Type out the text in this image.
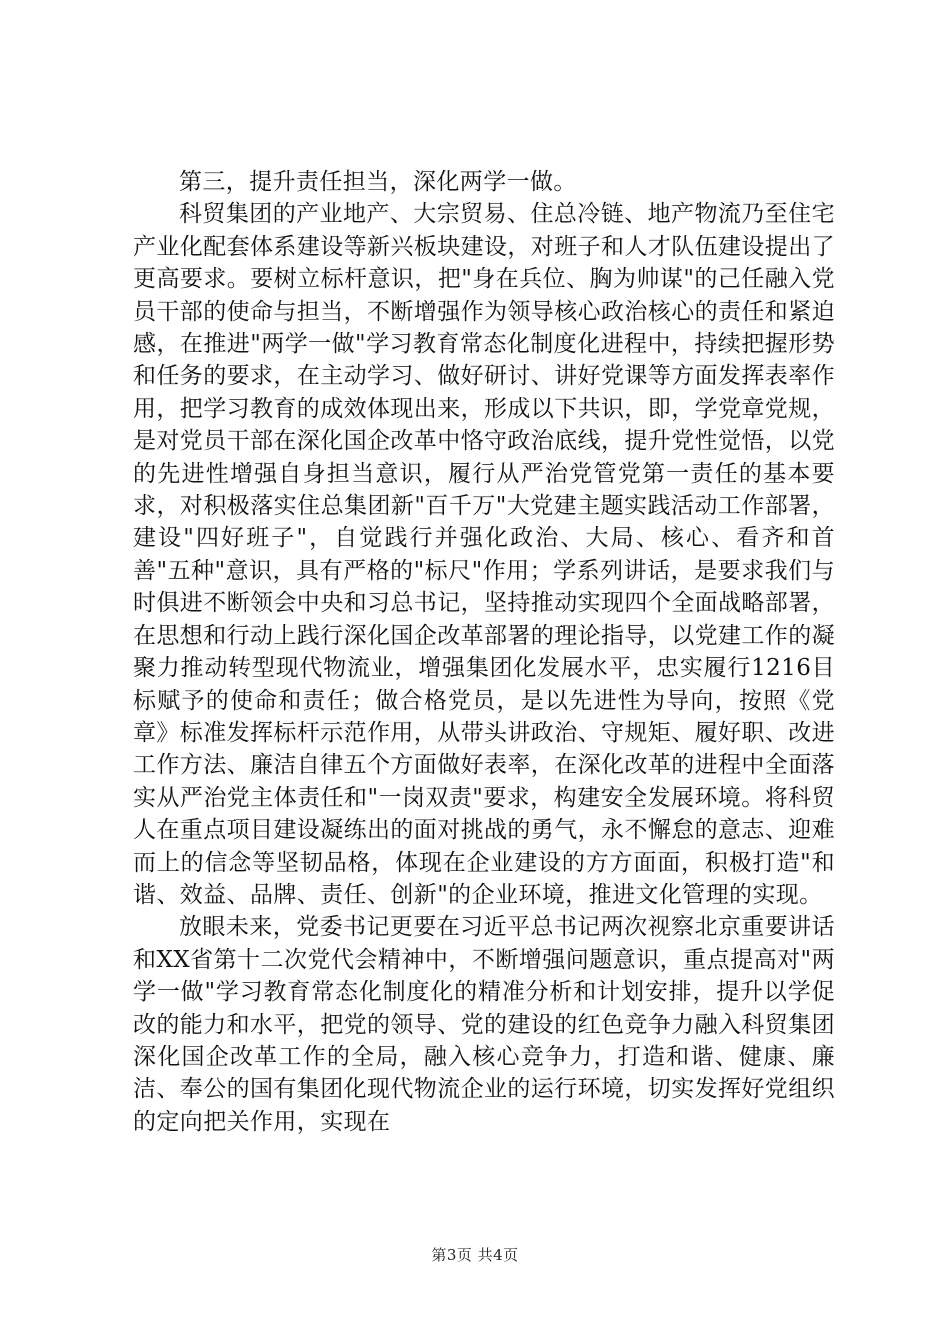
第三，提升责任担当，深化两学一做。

科贸集团的产业地产、大宗贸易、住总冷链、地产物流乃至住宅产业化配套体系建设等新兴板块建设，对班子和人才队伍建设提出了更高要求。要树立标杆意识，把"身在兵位、胸为帅谋"的己任融入党员干部的使命与担当，不断增强作为领导核心政治核心的责任和紧迫感，在推进"两学一做"学习教育常态化制度化进程中，持续把握形势和任务的要求，在主动学习、做好研讨、讲好党课等方面发挥表率作用，把学习教育的成效体现出来，形成以下共识，即，学党章党规，是对党员干部在深化国企改革中恪守政治底线，提升党性觉悟，以党的先进性增强自身担当意识，履行从严治党管党第一责任的基本要求，对积极落实住总集团新"百千万"大党建主题实践活动工作部署，建设"四好班子"，自觉践行并强化政治、大局、核心、看齐和首善"五种"意识，具有严格的"标尺"作用；学系列讲话，是要求我们与时俱进不断领会中央和习总书记，坚持推动实现四个全面战略部署，在思想和行动上践行深化国企改革部署的理论指导，以党建工作的凝聚力推动转型现代物流业，增强集团化发展水平，忠实履行1216目标赋予的使命和责任；做合格党员，是以先进性为导向，按照《党章》标准发挥标杆示范作用，从带头讲政治、守规矩、履好职、改进工作方法、廉洁自律五个方面做好表率，在深化改革的进程中全面落实从严治党主体责任和"一岗双责"要求，构建安全发展环境。将科贸人在重点项目建设凝练出的面对挑战的勇气，永不懈怠的意志、迎难而上的信念等坚韧品格，体现在企业建设的方方面面，积极打造"和谐、效益、品牌、责任、创新"的企业环境，推进文化管理的实现。

放眼未来，党委书记更要在习近平总书记两次视察北京重要讲话和XX省第十二次党代会精神中，不断增强问题意识，重点提高对"两学一做"学习教育常态化制度化的精准分析和计划安排，提升以学促改的能力和水平，把党的领导、党的建设的红色竞争力融入科贸集团深化国企改革工作的全局，融入核心竞争力，打造和谐、健康、廉洁、奉公的国有集团化现代物流企业的运行环境，切实发挥好党组织的定向把关作用，实现在

第3页 共4页
